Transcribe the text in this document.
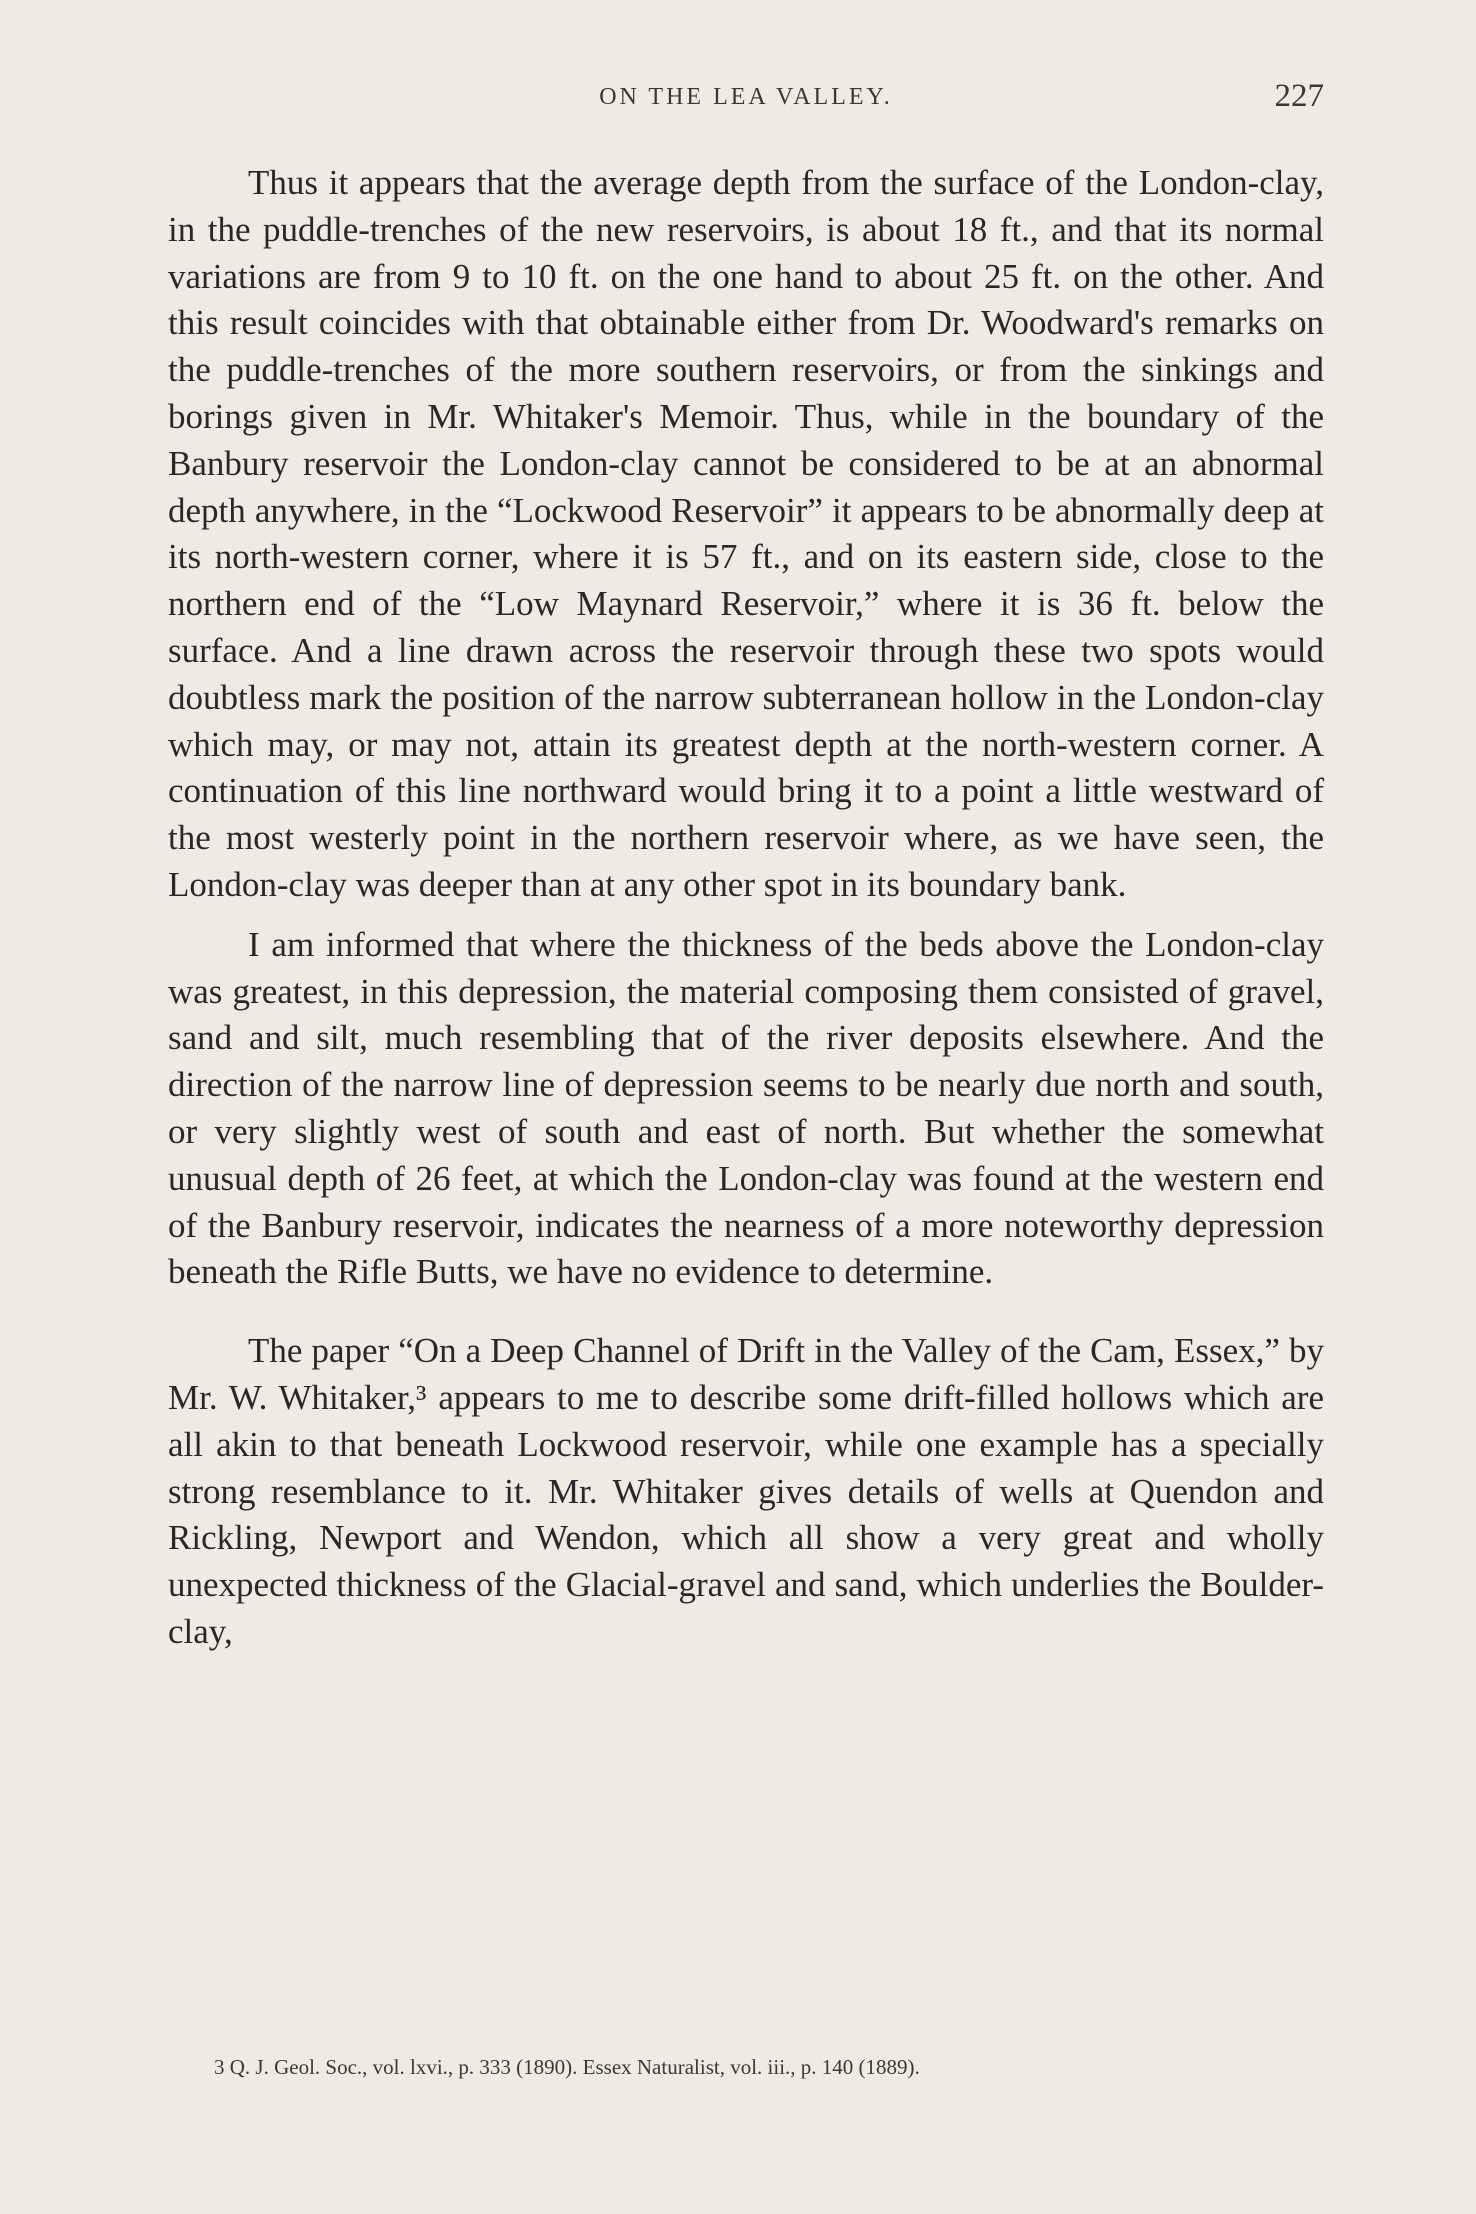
ON THE LEA VALLEY.	227

Thus it appears that the average depth from the surface of the London-clay, in the puddle-trenches of the new reservoirs, is about 18 ft., and that its normal variations are from 9 to 10 ft. on the one hand to about 25 ft. on the other. And this result coincides with that obtainable either from Dr. Woodward's remarks on the puddle-trenches of the more southern reservoirs, or from the sinkings and borings given in Mr. Whitaker's Memoir. Thus, while in the boundary of the Banbury reservoir the London-clay cannot be considered to be at an abnormal depth anywhere, in the “Lockwood Reservoir” it appears to be abnormally deep at its north-western corner, where it is 57 ft., and on its eastern side, close to the northern end of the “Low Maynard Reservoir,” where it is 36 ft. below the surface. And a line drawn across the reservoir through these two spots would doubtless mark the position of the narrow subterranean hollow in the London-clay which may, or may not, attain its greatest depth at the north-western corner. A continuation of this line northward would bring it to a point a little westward of the most westerly point in the northern reservoir where, as we have seen, the London-clay was deeper than at any other spot in its boundary bank.

I am informed that where the thickness of the beds above the London-clay was greatest, in this depression, the material composing them consisted of gravel, sand and silt, much resembling that of the river deposits elsewhere. And the direction of the narrow line of depression seems to be nearly due north and south, or very slightly west of south and east of north. But whether the somewhat unusual depth of 26 feet, at which the London-clay was found at the western end of the Banbury reservoir, indicates the nearness of a more noteworthy depression beneath the Rifle Butts, we have no evidence to determine.

The paper “On a Deep Channel of Drift in the Valley of the Cam, Essex,” by Mr. W. Whitaker,³ appears to me to describe some drift-filled hollows which are all akin to that beneath Lockwood reservoir, while one example has a specially strong resemblance to it. Mr. Whitaker gives details of wells at Quendon and Rickling, Newport and Wendon, which all show a very great and wholly unexpected thickness of the Glacial-gravel and sand, which underlies the Boulder-clay,

3 Q. J. Geol. Soc., vol. lxvi., p. 333 (1890). Essex Naturalist, vol. iii., p. 140 (1889).
